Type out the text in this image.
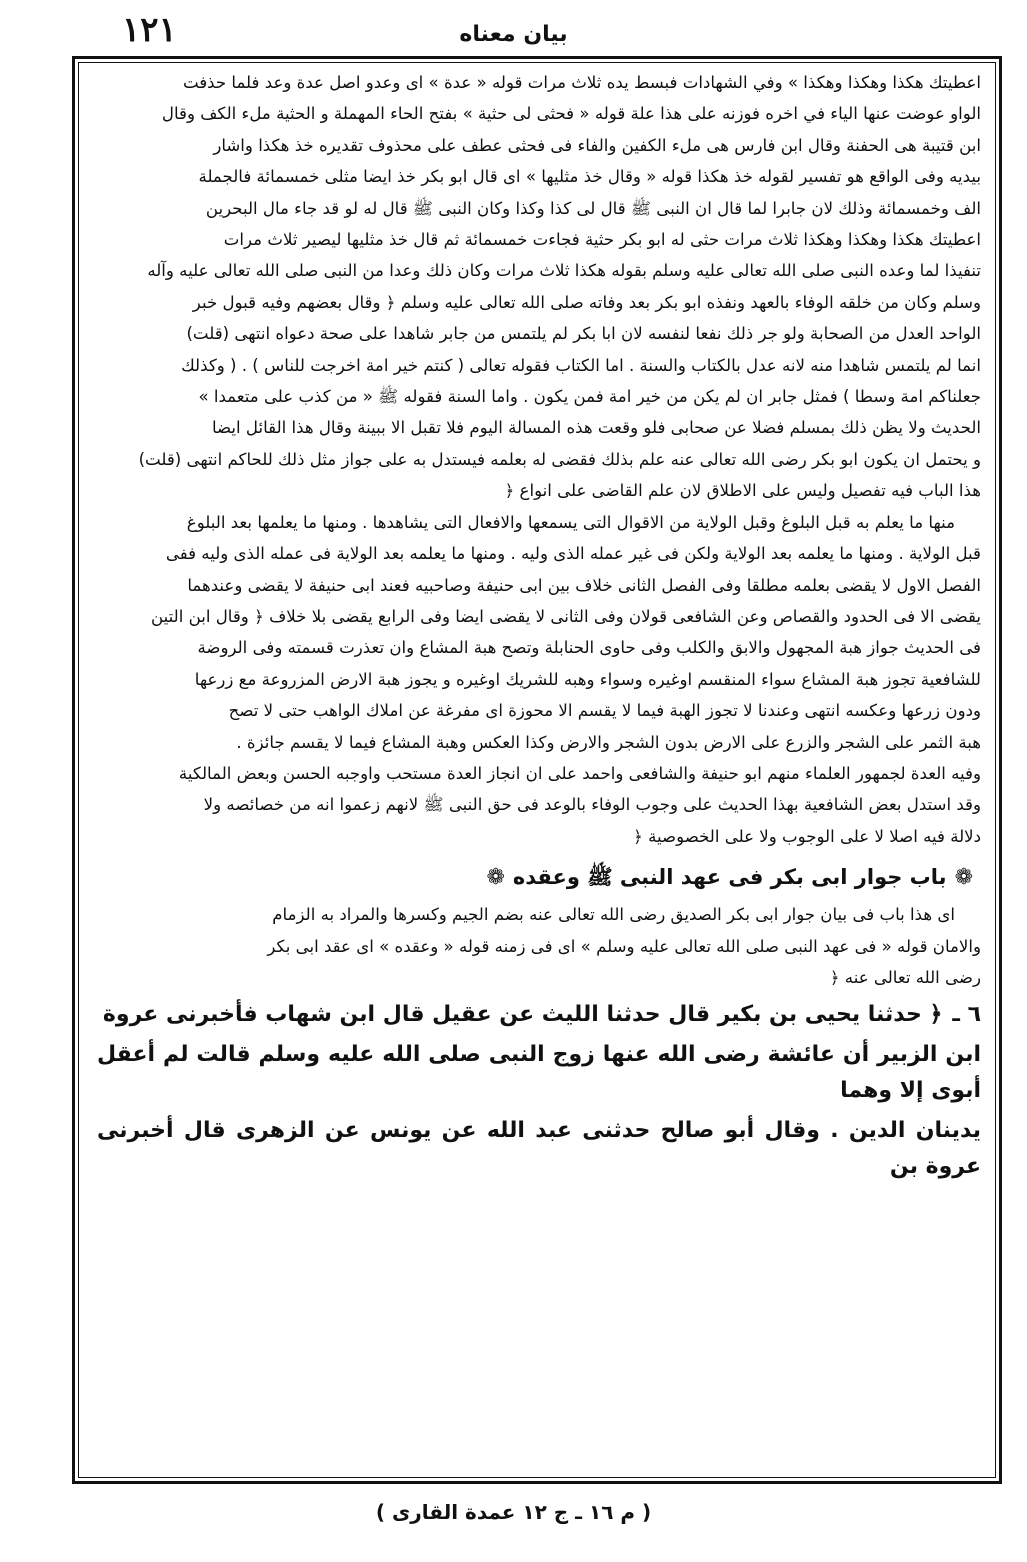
بيان معناه
١٢١

اعطيتك هكذا وهكذا وهكذا » وفي الشهادات فبسط يده ثلاث مرات قوله « عدة » اى وعدو اصل عدة وعد فلما حذفت

الواو عوضت عنها الياء في اخره فوزنه على هذا علة قوله « فحثى لى حثية » بفتح الحاء المهملة و الحثية ملء الكف وقال

ابن قتيبة هى الحفنة وقال ابن فارس هى ملء الكفين والفاء فى فحثى عطف على محذوف تقديره خذ هكذا واشار

بيديه وفى الواقع هو تفسير لقوله خذ هكذا قوله « وقال خذ مثليها » اى قال ابو بكر خذ ايضا مثلى خمسمائة فالجملة

الف وخمسمائة وذلك لان جابرا لما قال ان النبى ﷺ قال لى كذا وكذا وكان النبى ﷺ قال له لو قد جاء مال البحرين

اعطيتك هكذا وهكذا وهكذا ثلاث مرات حثى له ابو بكر حثية فجاءت خمسمائة ثم قال خذ مثليها ليصير ثلاث مرات

تنفيذا لما وعده النبى صلى الله تعالى عليه وسلم بقوله هكذا ثلاث مرات وكان ذلك وعدا من النبى صلى الله تعالى عليه وآله

وسلم وكان من خلقه الوفاء بالعهد ونفذه ابو بكر بعد وفاته صلى الله تعالى عليه وسلم ﴿ وقال بعضهم وفيه قبول خبر

الواحد العدل من الصحابة ولو جر ذلك نفعا لنفسه لان ابا بكر لم يلتمس من جابر شاهدا على صحة دعواه انتهى (قلت)

انما لم يلتمس شاهدا منه لانه عدل بالكتاب والسنة . اما الكتاب فقوله تعالى ( كنتم خير امة اخرجت للناس ) . ( وكذلك

جعلناكم امة وسطا ) فمثل جابر ان لم يكن من خير امة فمن يكون . واما السنة فقوله ﷺ « من كذب على متعمدا »

الحديث ولا يظن ذلك بمسلم فضلا عن صحابى فلو وقعت هذه المسالة اليوم فلا تقبل الا ببينة وقال هذا القائل ايضا

و يحتمل ان يكون ابو بكر رضى الله تعالى عنه علم بذلك فقضى له بعلمه فيستدل به على جواز مثل ذلك للحاكم انتهى (قلت)

هذا الباب فيه تفصيل وليس على الاطلاق لان علم القاضى على انواع ﴿

منها ما يعلم به قبل البلوغ وقبل الولاية من الاقوال التى يسمعها والافعال التى يشاهدها . ومنها ما يعلمها بعد البلوغ

قبل الولاية . ومنها ما يعلمه بعد الولاية ولكن فى غير عمله الذى وليه . ومنها ما يعلمه بعد الولاية فى عمله الذى وليه ففى

الفصل الاول لا يقضى بعلمه مطلقا وفى الفصل الثانى خلاف بين ابى حنيفة وصاحبيه فعند ابى حنيفة لا يقضى وعندهما

يقضى الا فى الحدود والقصاص وعن الشافعى قولان وفى الثانى لا يقضى ايضا وفى الرابع يقضى بلا خلاف ﴿ وقال ابن التين

فى الحديث جواز هبة المجهول والابق والكلب وفى حاوى الحنابلة وتصح هبة المشاع وان تعذرت قسمته وفى الروضة

للشافعية تجوز هبة المشاع سواء المنقسم اوغيره وسواء وهبه للشريك اوغيره و يجوز هبة الارض المزروعة مع زرعها

ودون زرعها وعكسه انتهى وعندنا لا تجوز الهبة فيما لا يقسم الا محوزة اى مفرغة عن املاك الواهب حتى لا تصح

هبة الثمر على الشجر والزرع على الارض بدون الشجر والارض وكذا العكس وهبة المشاع فيما لا يقسم جائزة .

وفيه العدة لجمهور العلماء منهم ابو حنيفة والشافعى واحمد على ان انجاز العدة مستحب واوجبه الحسن وبعض المالكية

وقد استدل بعض الشافعية بهذا الحديث على وجوب الوفاء بالوعد فى حق النبى ﷺ لانهم زعموا انه من خصائصه ولا

دلالة فيه اصلا لا على الوجوب ولا على الخصوصية ﴿

❁باب جوار ابى بكر فى عهد النبى ﷺ وعقده❁

اى هذا باب فى بيان جوار ابى بكر الصديق رضى الله تعالى عنه بضم الجيم وكسرها والمراد به الزمام

والامان قوله « فى عهد النبى صلى الله تعالى عليه وسلم » اى فى زمنه قوله « وعقده » اى عقد ابى بكر

رضى الله تعالى عنه ﴿

٦ ـ﴿ حدثنا يحيى بن بكير قال حدثنا الليث عن عقيل قال ابن شهاب فأخبرنى عروة

ابن الزبير أن عائشة رضى الله عنها زوج النبى صلى الله عليه وسلم قالت لم أعقل أبوى إلا وهما

يدينان الدين . وقال أبو صالح حدثنى عبد الله عن يونس عن الزهرى قال أخبرنى عروة بن

( م ١٦ ـ ج ١٢ عمدة القارى )
